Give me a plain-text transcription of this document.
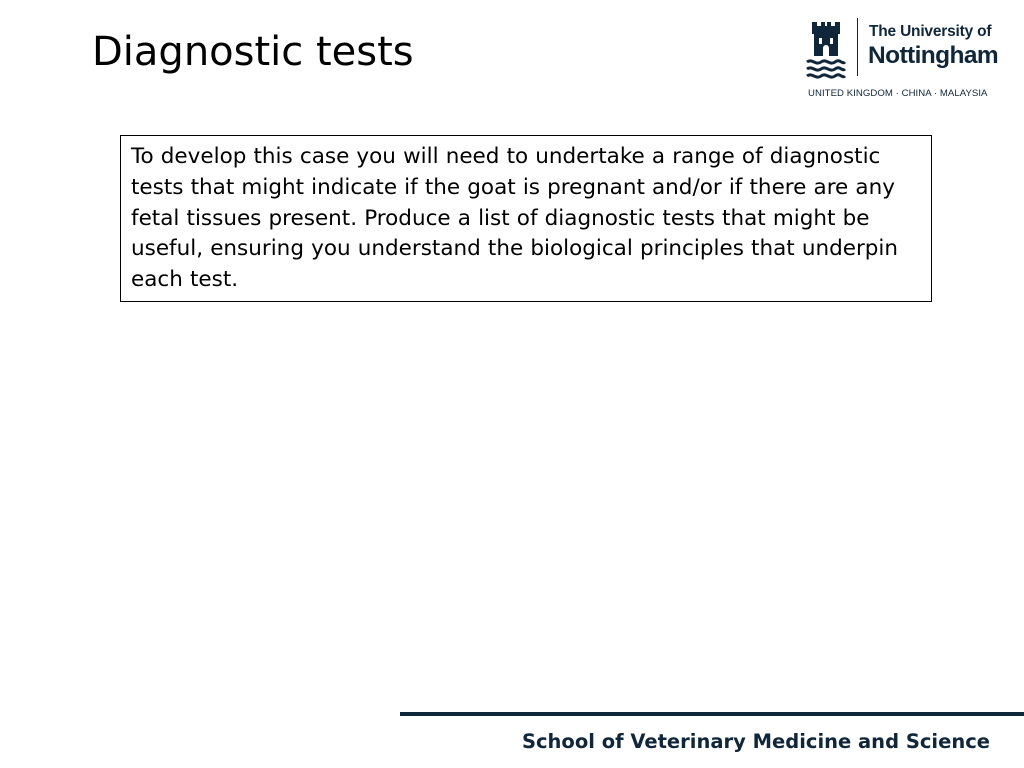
Diagnostic tests	The University of
Nottingham
UNITED KINGDOM · CHINA · MALAYSIA

To develop this case you will need to undertake a range of diagnostic tests that might indicate if the goat is pregnant and/or if there are any fetal tissues present. Produce a list of diagnostic tests that might be useful, ensuring you understand the biological principles that underpin each test.

School of Veterinary Medicine and Science
